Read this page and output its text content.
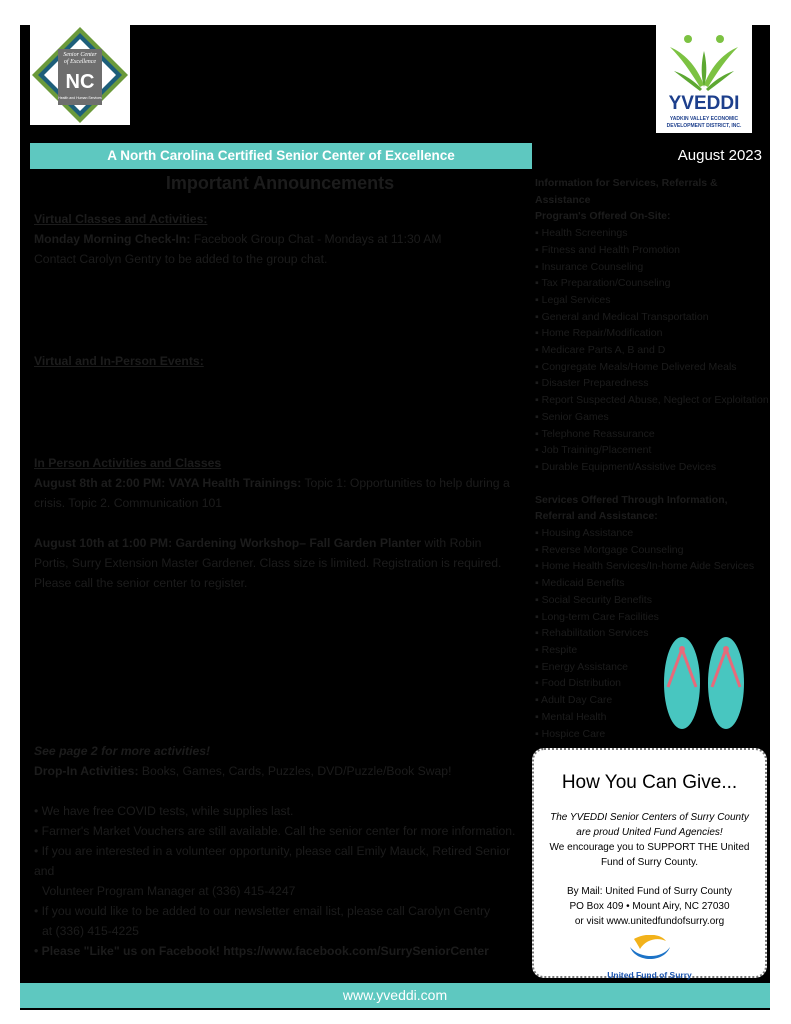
Senior Center
of Excellence
NC
Health and Human Services	YVEDDI
YADKIN VALLEY ECONOMIC
DEVELOPMENT DISTRICT, INC.
A North Carolina Certified Senior Center of Excellence	August 2023
Important Announcements
Virtual Classes and Activities:
Monday Morning Check-In: Facebook Group Chat - Mondays at 11:30 AM
Contact Carolyn Gentry to be added to the group chat.
Virtual and In-Person Events:
In Person Activities and Classes
August 8th at 2:00 PM: VAYA Health Trainings: Topic 1: Opportunities to help during a crisis. Topic 2. Communication 101
August 10th at 1:00 PM: Gardening Workshop– Fall Garden Planter with Robin Portis, Surry Extension Master Gardener. Class size is limited. Registration is required. Please call the senior center to register.
See page 2 for more activities!
Drop-In Activities: Books, Games, Cards, Puzzles, DVD/Puzzle/Book Swap!
• We have free COVID tests, while supplies last.
• Farmer's Market Vouchers are still available. Call the senior center for more information.
• If you are interested in a volunteer opportunity, please call Emily Mauck, Retired Senior and
Volunteer Program Manager at (336) 415-4247
• If you would like to be added to our newsletter email list, please call Carolyn Gentry
at (336) 415-4225
• Please "Like" us on Facebook! https://www.facebook.com/SurrySeniorCenter
Information for Services, Referrals & Assistance
Program's Offered On-Site:
▪ Health Screenings
▪ Fitness and Health Promotion
▪ Insurance Counseling
▪ Tax Preparation/Counseling
▪ Legal Services
▪ General and Medical Transportation
▪ Home Repair/Modification
▪ Medicare Parts A, B and D
▪ Congregate Meals/Home Delivered Meals
▪ Disaster Preparedness
▪ Report Suspected Abuse, Neglect or Exploitation
▪ Senior Games
▪ Telephone Reassurance
▪ Job Training/Placement
▪ Durable Equipment/Assistive Devices
Services Offered Through Information, Referral and Assistance:
▪ Housing Assistance
▪ Reverse Mortgage Counseling
▪ Home Health Services/In-home Aide Services
▪ Medicaid Benefits
▪ Social Security Benefits
▪ Long-term Care Facilities
▪ Rehabilitation Services
▪ Respite
▪ Energy Assistance
▪ Food Distribution
▪ Adult Day Care
▪ Mental Health
▪ Hospice Care
How You Can Give...
The YVEDDI Senior Centers of Surry County are proud United Fund Agencies!
We encourage you to SUPPORT THE United Fund of Surry County.
By Mail: United Fund of Surry County
PO Box 409 • Mount Airy, NC 27030
or visit www.unitedfundofsurry.org
United Fund of Surry
www.yveddi.com
